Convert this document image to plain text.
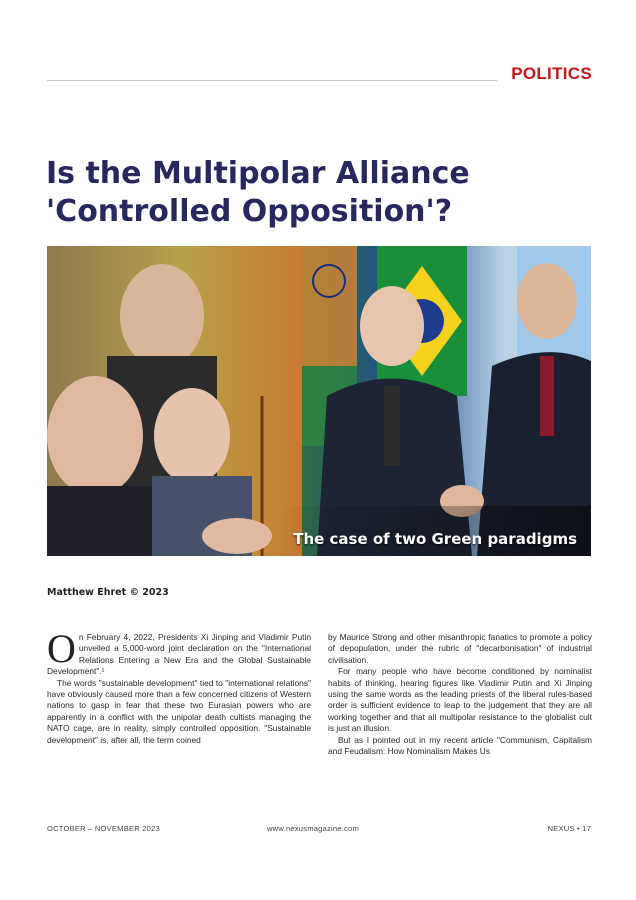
POLITICS
Is the Multipolar Alliance
'Controlled Opposition'?
The case of two Green paradigms
Matthew Ehret © 2023

On February 4, 2022, Presidents Xi Jinping and Vladimir Putin unveiled a 5,000-word joint declaration on the "International Relations Entering a New Era and the Global Sustainable Development".¹

The words "sustainable development" tied to "international relations" have obviously caused more than a few concerned citizens of Western nations to gasp in fear that these two Eurasian powers who are apparently in a conflict with the unipolar death cultists managing the NATO cage, are in reality, simply controlled opposition. "Sustainable development" is, after all, the term coined

by Maurice Strong and other misanthropic fanatics to promote a policy of depopulation, under the rubric of "decarbonisation" of industrial civilisation.

For many people who have become conditioned by nominalist habits of thinking, hearing figures like Vladimir Putin and Xi Jinping using the same words as the leading priests of the liberal rules-based order is sufficient evidence to leap to the judgement that they are all working together and that all multipolar resistance to the globalist cult is just an illusion.

But as I pointed out in my recent article "Communism, Capitalism and Feudalism: How Nominalism Makes Us

OCTOBER – NOVEMBER 2023	www.nexusmagazine.com	NEXUS • 17
